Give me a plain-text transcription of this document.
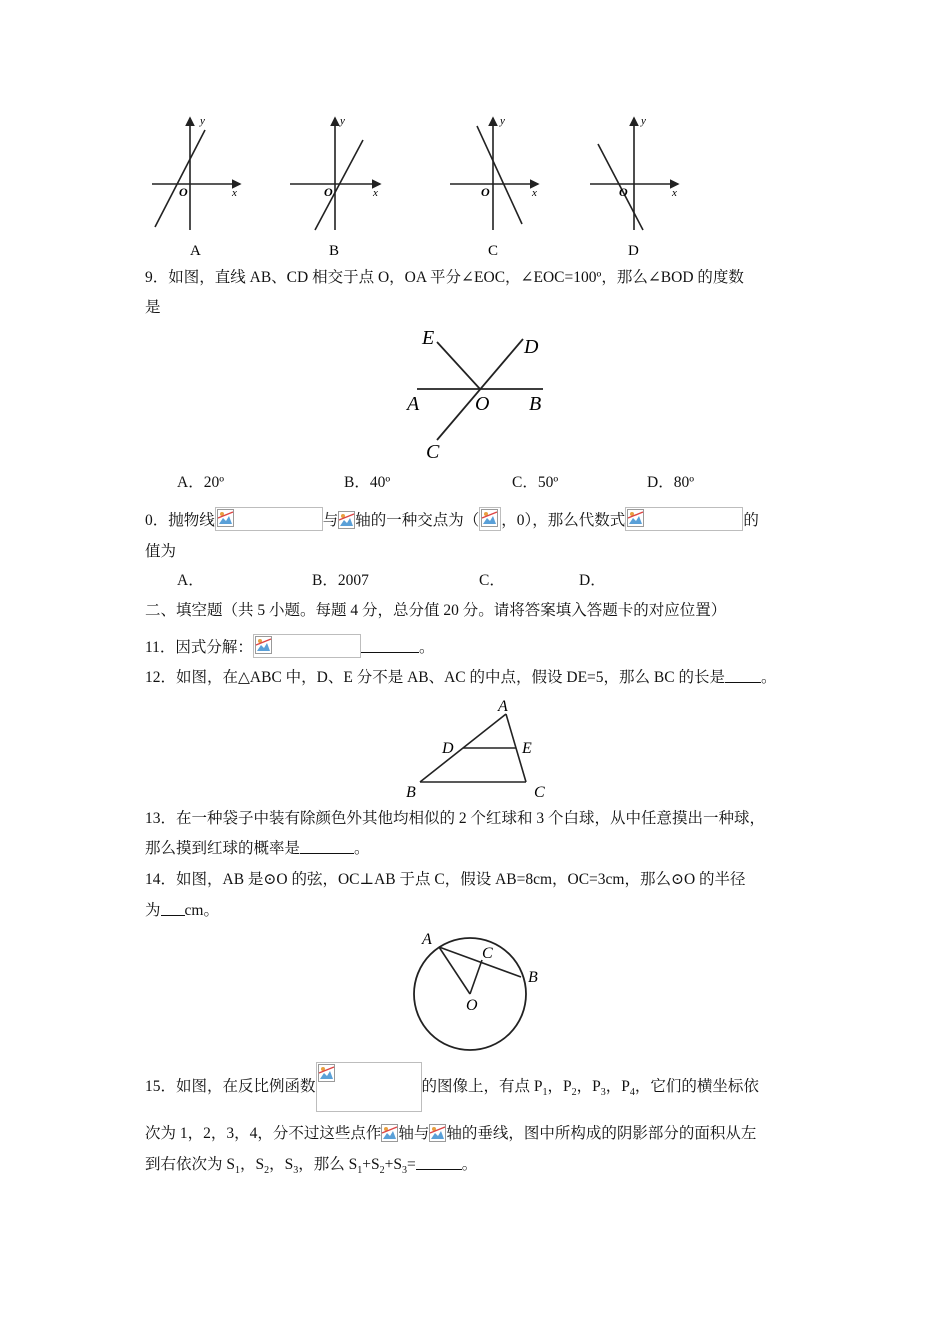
y
x
O
A
y
x
O
B
y
x
O
C
y
x
O
D
9．如图，直线 AB、CD 相交于点 O，OA 平分∠EOC，∠EOC=100º，那么∠BOD 的度数
是
E	D
A	O B
C
A．20º	B．40º	C．50º	D．80º
0．抛物线	与 轴的一种交点为（ ，0），那么代数式	的
值为
A．	B．2007	C．	D．
二、填空题（共 5 小题。每题 4 分，总分值 20 分。请将答案填入答题卡的对应位置）
11．因式分解：	。
12．如图，在△ABC 中，D、E 分不是 AB、AC 的中点，假设 DE=5，那么 BC 的长是 。
A
D	E
B	C
13．在一种袋子中装有除颜色外其他均相似的 2 个红球和 3 个白球，从中任意摸出一种球，
那么摸到红球的概率是	。
14．如图，AB 是⊙O 的弦，OC⊥AB 于点 C，假设 AB=8cm，OC=3cm，那么⊙O 的半径
为 cm。
A
C
B
O
15．如图，在反比例函数	的图像上，有点 $P_1$，$P_2$，$P_3$，$P_4$，它们的横坐标依
次为 1，2，3，4，分不过这些点作 轴与 轴的垂线，图中所构成的阴影部分的面积从左
到右依次为 $S_1$，$S_2$，$S_3$，那么 $S_1+S_2+S_3=$	。
